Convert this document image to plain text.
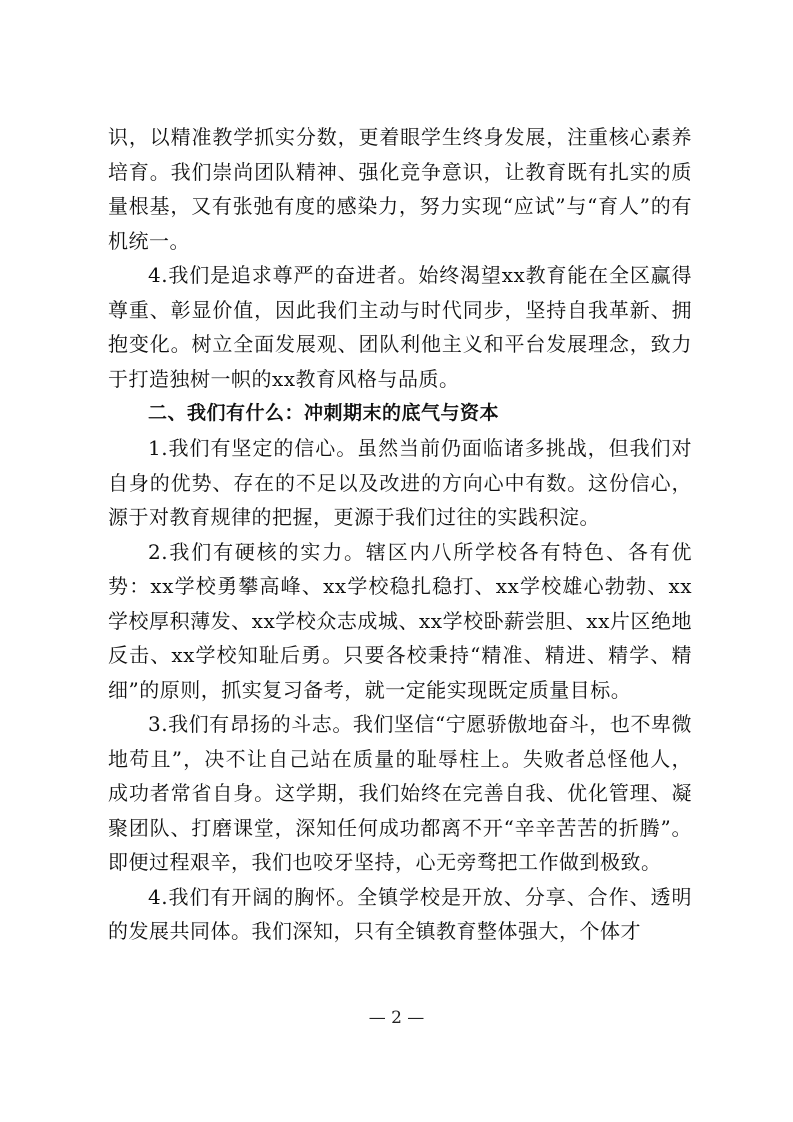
识，以精准教学抓实分数，更着眼学生终身发展，注重核心素养培育。我们崇尚团队精神、强化竞争意识，让教育既有扎实的质量根基，又有张弛有度的感染力，努力实现“应试”与“育人”的有机统一。

4.我们是追求尊严的奋进者。始终渴望xx教育能在全区赢得尊重、彰显价值，因此我们主动与时代同步，坚持自我革新、拥抱变化。树立全面发展观、团队利他主义和平台发展理念，致力于打造独树一帜的xx教育风格与品质。

二、我们有什么：冲刺期末的底气与资本

1.我们有坚定的信心。虽然当前仍面临诸多挑战，但我们对自身的优势、存在的不足以及改进的方向心中有数。这份信心，源于对教育规律的把握，更源于我们过往的实践积淀。

2.我们有硬核的实力。辖区内八所学校各有特色、各有优势：xx学校勇攀高峰、xx学校稳扎稳打、xx学校雄心勃勃、xx学校厚积薄发、xx学校众志成城、xx学校卧薪尝胆、xx片区绝地反击、xx学校知耻后勇。只要各校秉持“精准、精进、精学、精细”的原则，抓实复习备考，就一定能实现既定质量目标。

3.我们有昂扬的斗志。我们坚信“宁愿骄傲地奋斗，也不卑微地苟且”，决不让自己站在质量的耻辱柱上。失败者总怪他人，成功者常省自身。这学期，我们始终在完善自我、优化管理、凝聚团队、打磨课堂，深知任何成功都离不开“辛辛苦苦的折腾”。即便过程艰辛，我们也咬牙坚持，心无旁骛把工作做到极致。

4.我们有开阔的胸怀。全镇学校是开放、分享、合作、透明的发展共同体。我们深知，只有全镇教育整体强大，个体才

— 2 —
